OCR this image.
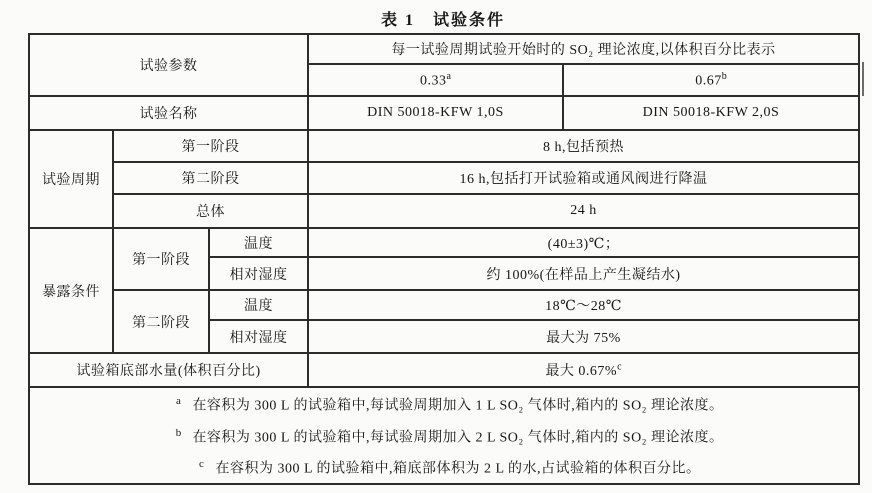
表 1　试验条件
试验参数			每一试验周期试验开始时的 SO₂ 理论浓度,以体积百分比表示	
			0.33$^a$	0.67$^b$
试验名称			DIN 50018-KFW 1,0S	DIN 50018-KFW 2,0S
试验周期	第一阶段		8 h,包括预热	
	第二阶段		16 h,包括打开试验箱或通风阀进行降温	
	总体		24 h	
暴露条件	第一阶段	温度	(40±3)℃；	
		相对湿度	约 100%(在样品上产生凝结水)	
	第二阶段	温度	18℃～28℃	
		相对湿度	最大为 75%	
试验箱底部水量(体积百分比)			最大 0.67%$^c$

$^a$ 在容积为 300 L 的试验箱中,每试验周期加入 1 L SO₂ 气体时,箱内的 SO₂ 理论浓度。
$^b$ 在容积为 300 L 的试验箱中,每试验周期加入 2 L SO₂ 气体时,箱内的 SO₂ 理论浓度。
$^c$ 在容积为 300 L 的试验箱中,箱底部体积为 2 L 的水,占试验箱的体积百分比。				
